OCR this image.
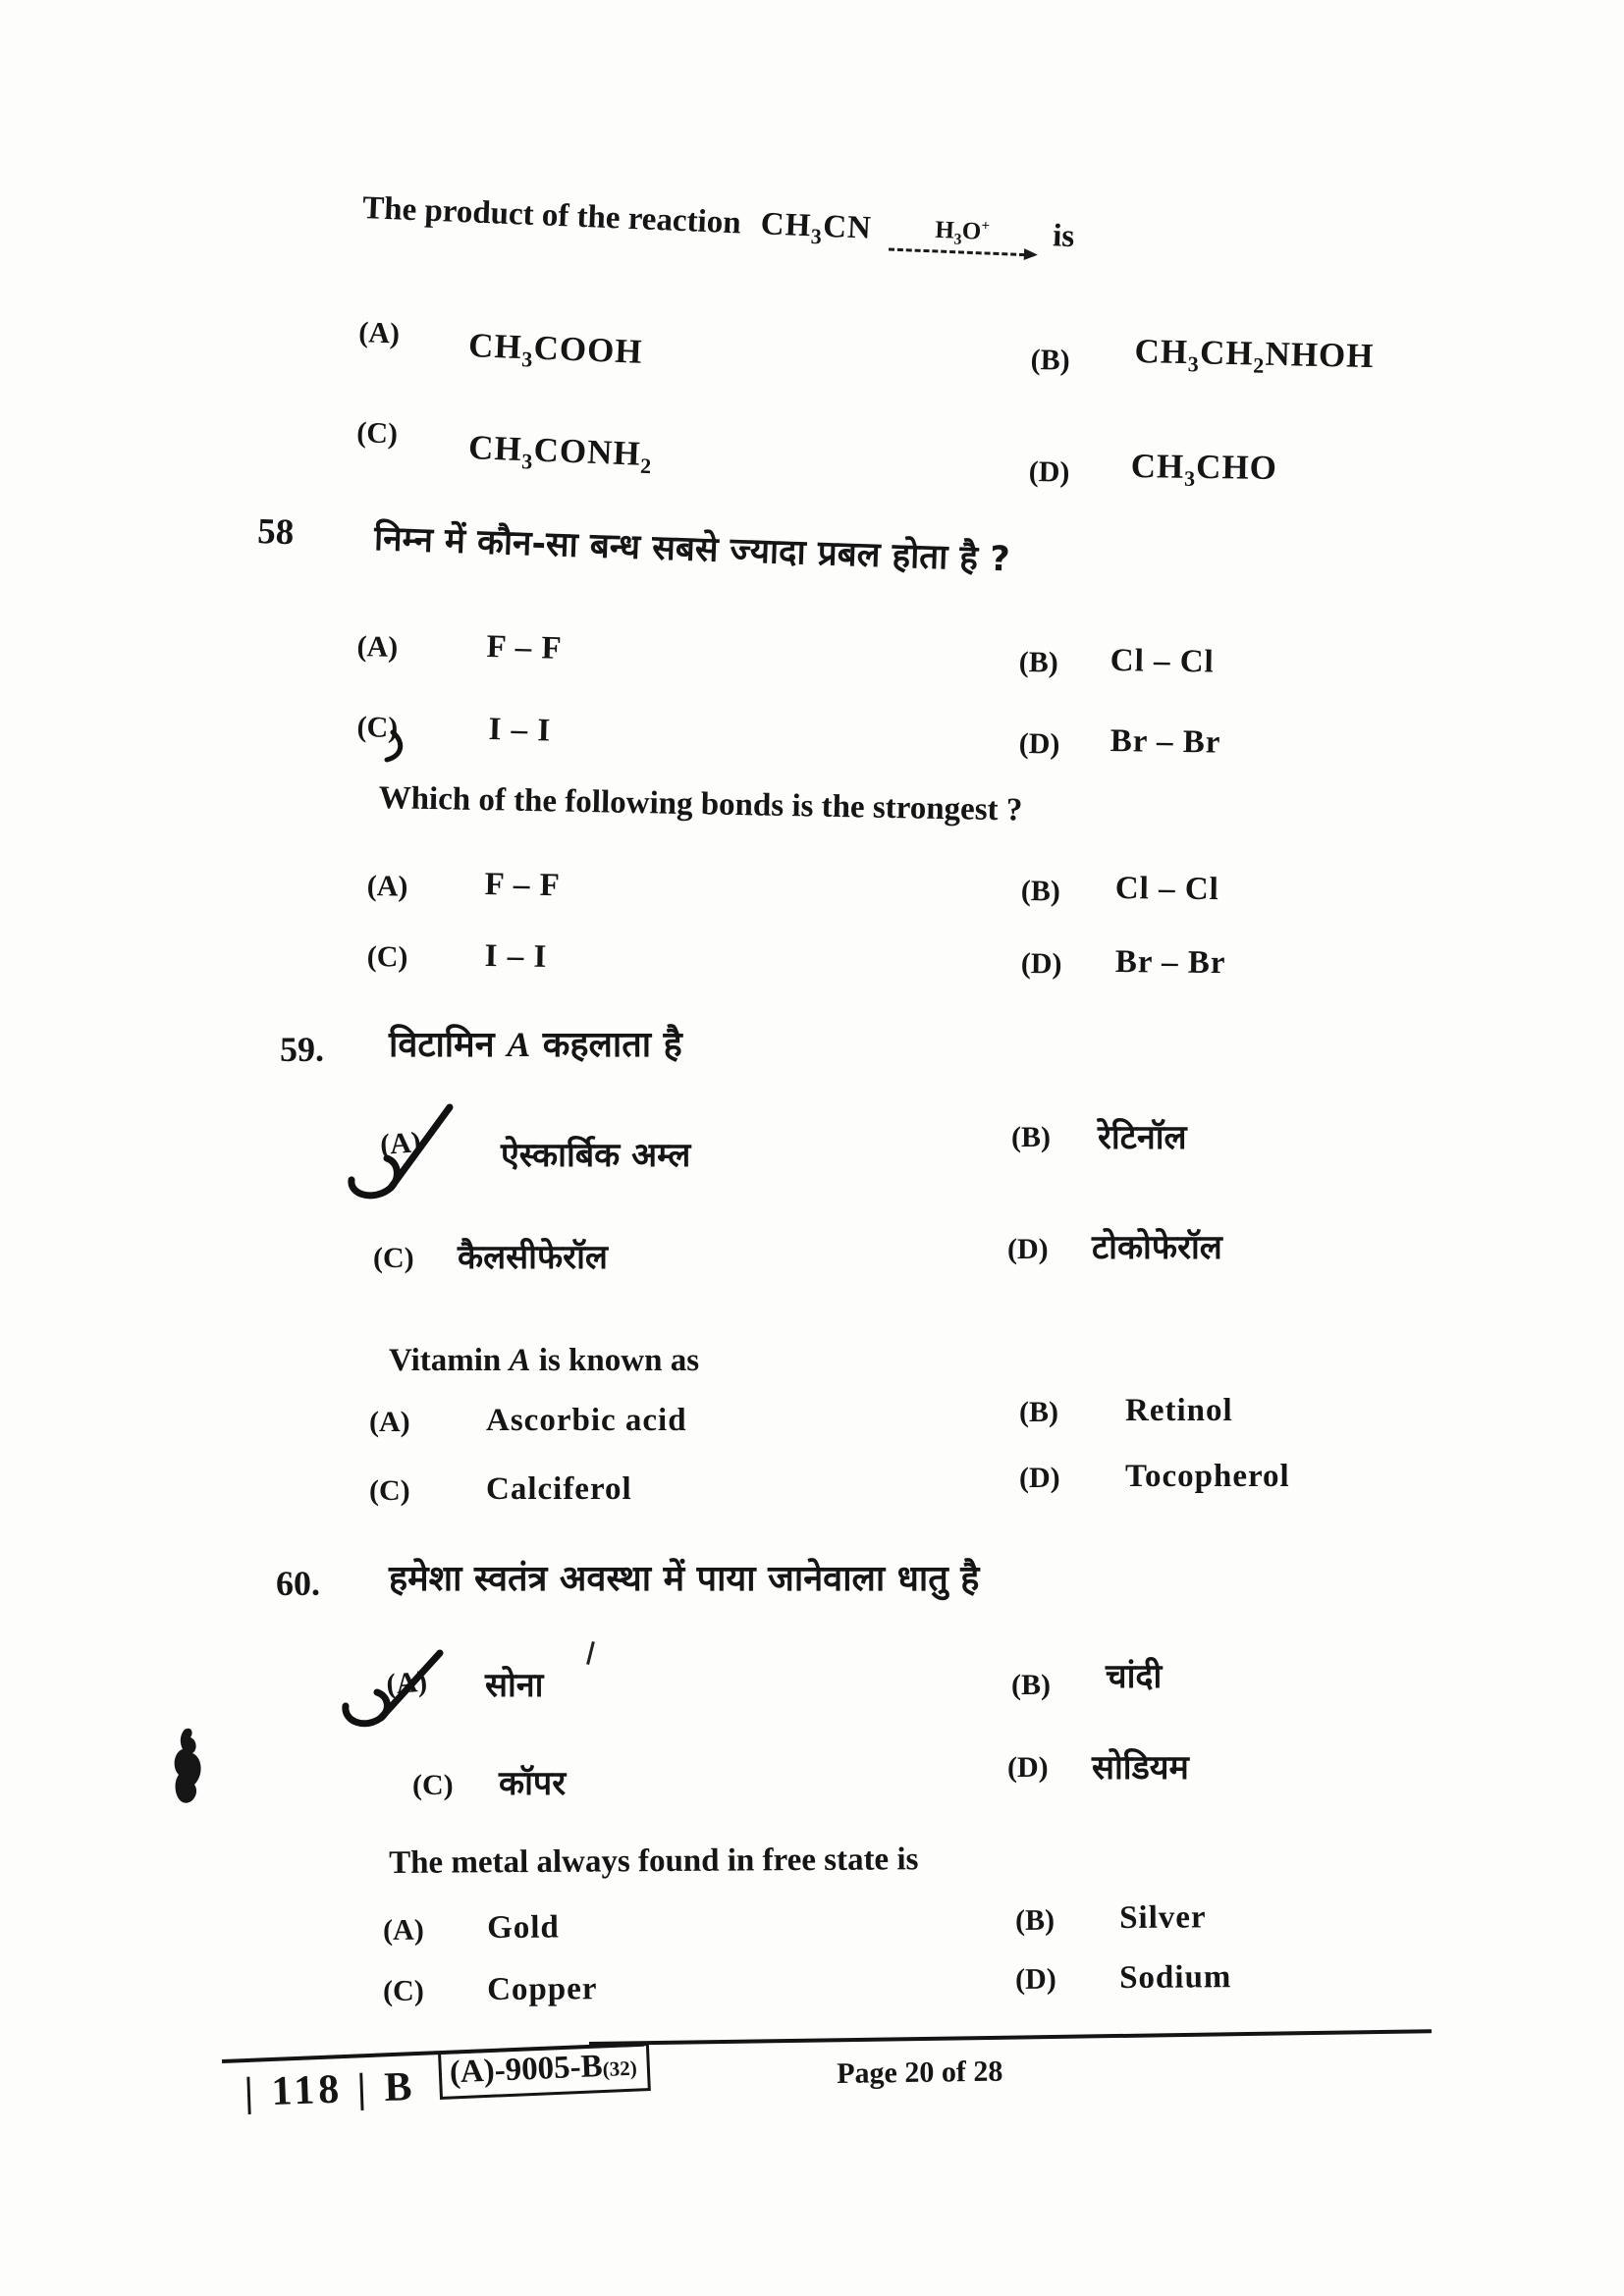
The product of the reaction $CH_3CN$	$H_3O^+$	is
(A) $CH_3COOH$	(B) $CH_3CH_2NHOH$
(C) $CH_3CONH_2$	(D) $CH_3CHO$
58 निम्न में कौन-सा बन्ध सबसे ज्यादा प्रबल होता है ?
(A)	F – F	(B) Cl – Cl
(C)	I – I	(D) Br – Br
Which of the following bonds is the strongest ?
(A) F – F	(B) Cl – Cl
(C) I – I	(D) Br – Br
59. विटामिन A कहलाता है
(A) ऐस्कार्बिक अम्ल	(B) रेटिनॉल
(C) कैलसीफेरॉल	(D) टोकोफेरॉल
Vitamin A is known as
(A) Ascorbic acid	(B) Retinol
(C) Calciferol	(D) Tocopherol
60. हमेशा स्वतंत्र अवस्था में पाया जानेवाला धातु है
(A) सोना	(B) चांदी
(C) कॉपर	(D) सोडियम
The metal always found in free state is
(A) Gold	(B) Silver
(C) Copper	(D) Sodium
| 118 | B (A)-9005-B(32)	Page 20 of 28
